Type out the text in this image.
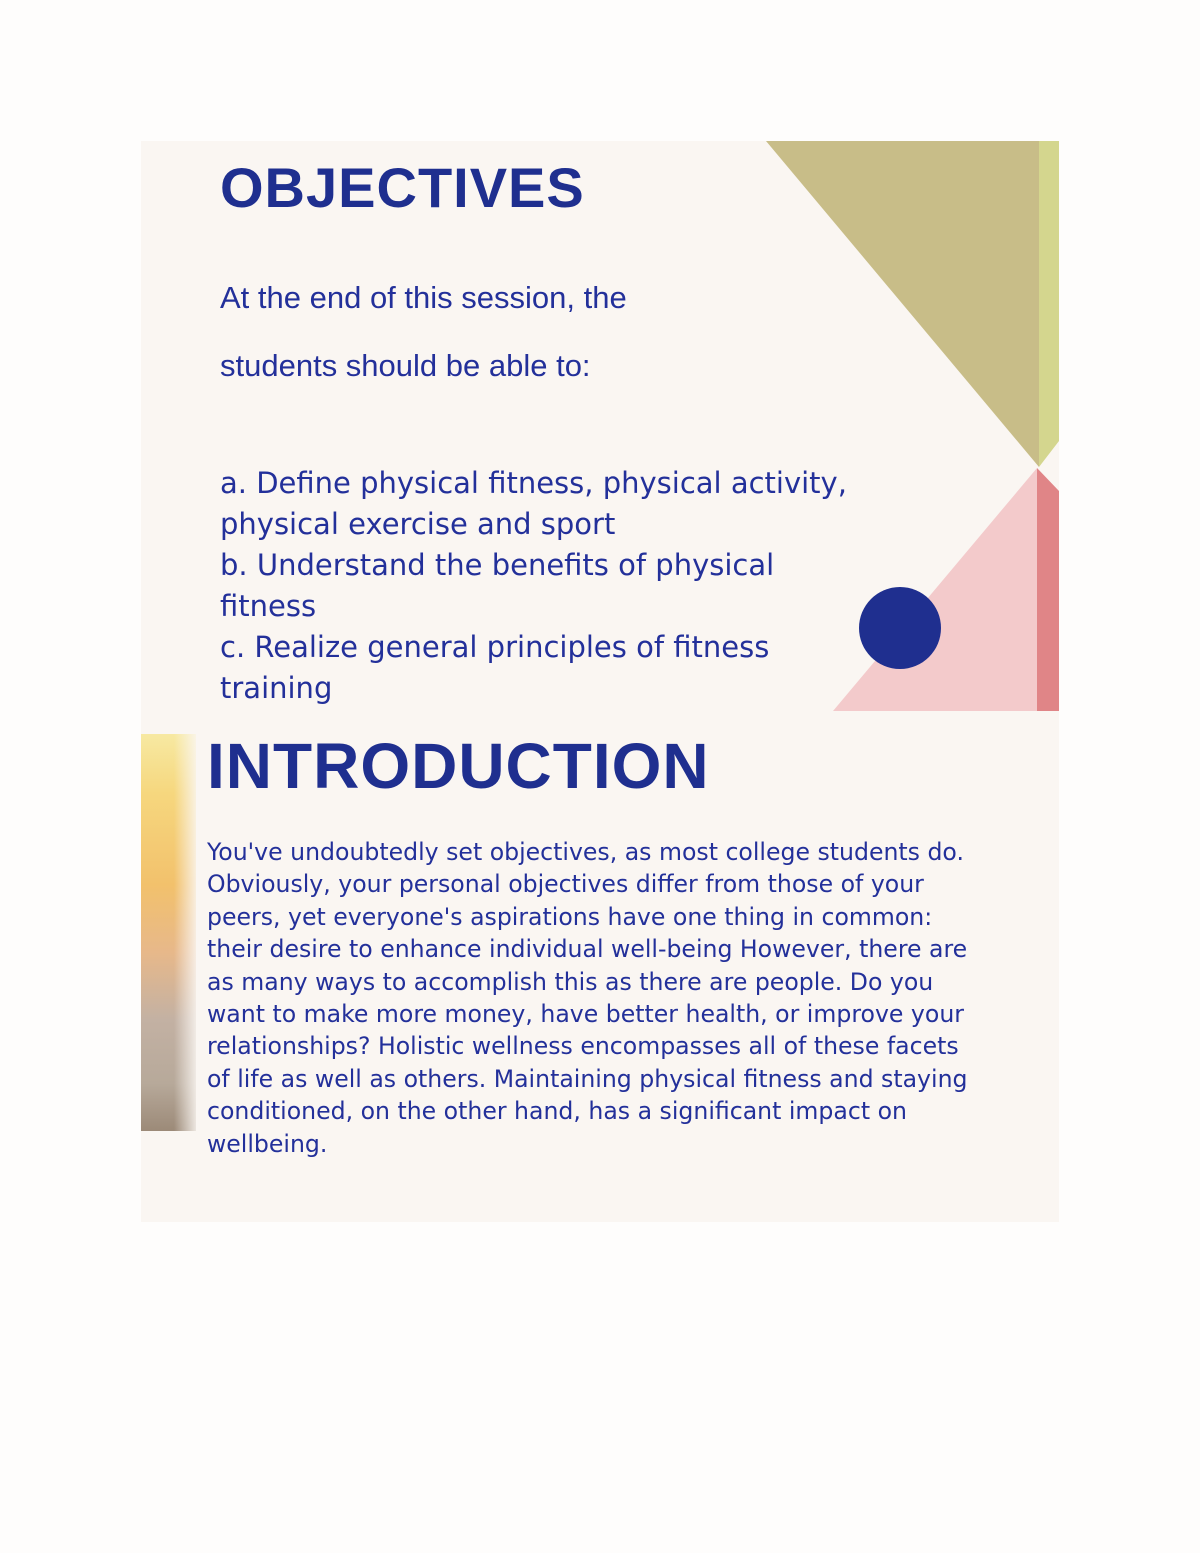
OBJECTIVES

At the end of this session, the

students should be able to:

a. Define physical fitness, physical activity, physical exercise and sport
b. Understand the benefits of physical fitness
c. Realize general principles of fitness training
INTRODUCTION

You've undoubtedly set objectives, as most college students do. Obviously, your personal objectives differ from those of your peers, yet everyone's aspirations have one thing in common: their desire to enhance individual well-being However, there are as many ways to accomplish this as there are people. Do you want to make more money, have better health, or improve your relationships? Holistic wellness encompasses all of these facets of life as well as others. Maintaining physical fitness and staying conditioned, on the other hand, has a significant impact on wellbeing.
